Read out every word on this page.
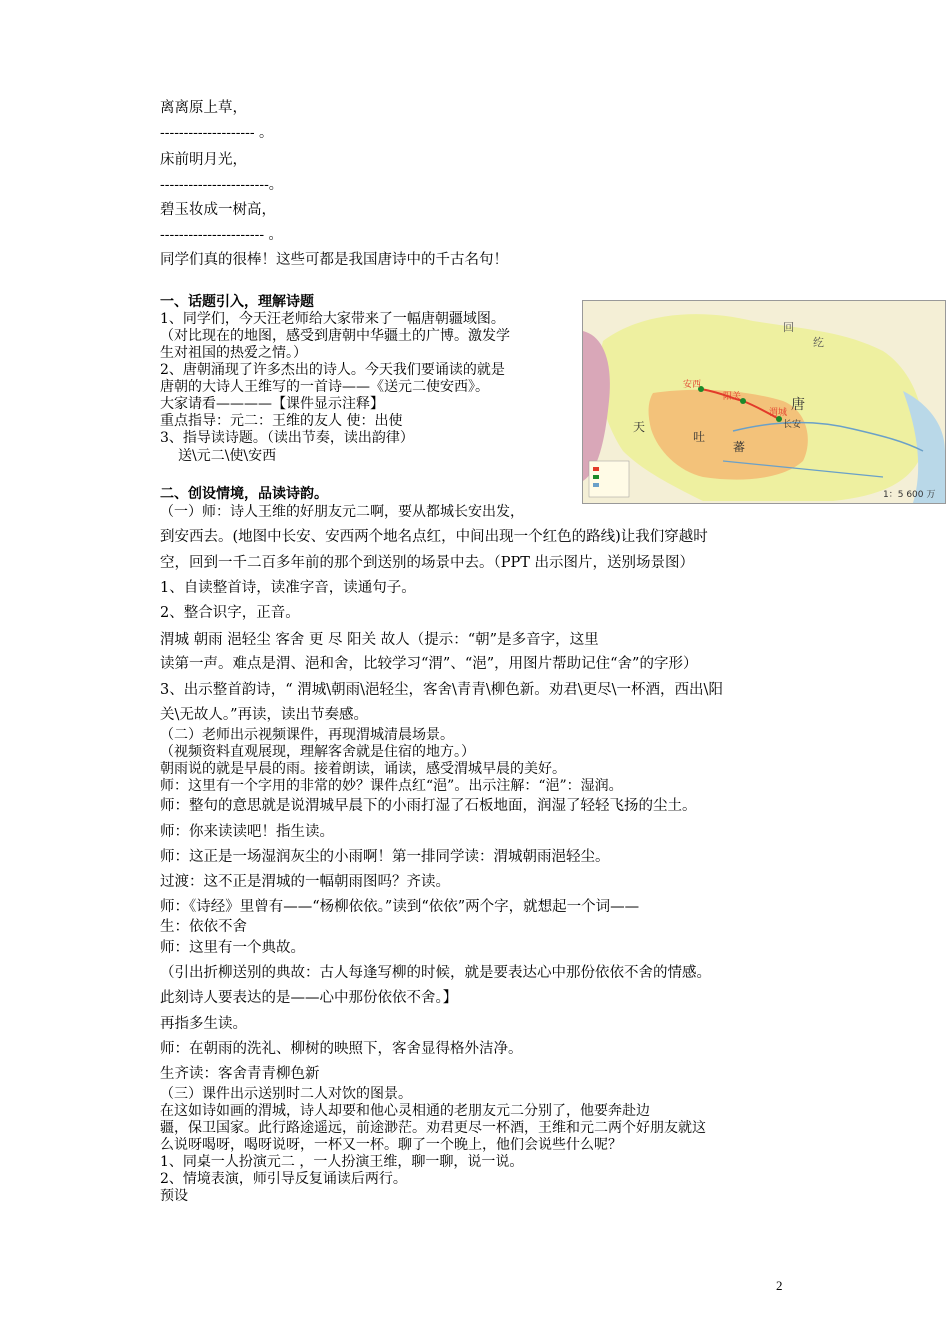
离离原上草，
-------------------- 。
床前明月光，
-----------------------。
碧玉妆成一树高，
---------------------- 。
同学们真的很棒！这些可都是我国唐诗中的千古名句！
一、话题引入，理解诗题
1、同学们，今天汪老师给大家带来了一幅唐朝疆域图。
（对比现在的地图，感受到唐朝中华疆土的广博。激发学
生对祖国的热爱之情。）
2、唐朝涌现了许多杰出的诗人。今天我们要诵读的就是
唐朝的大诗人王维写的一首诗——《送元二使安西》。
大家请看————【课件显示注释】
重点指导：元二：王维的友人 使：出使
3、指导读诗题。（读出节奏，读出韵律）
送\元二\使\安西
安西
阳关
渭城
长安
唐
吐
蕃
天
回
纥
1：5 600 万
二、创设情境，品读诗韵。
（一）师：诗人王维的好朋友元二啊，要从都城长安出发，
到安西去。(地图中长安、安西两个地名点红，中间出现一个红色的路线)让我们穿越时
空，回到一千二百多年前的那个到送别的场景中去。（PPT 出示图片，送别场景图）
1、自读整首诗，读准字音，读通句子。
2、整合识字，正音。
渭城 朝雨 浥轻尘 客舍 更 尽 阳关 故人（提示：“朝”是多音字，这里
读第一声。难点是渭、浥和舍，比较学习“渭”、“浥”，用图片帮助记住“舍”的字形）
3、出示整首韵诗，“ 渭城\朝雨\浥轻尘，客舍\青青\柳色新。劝君\更尽\一杯酒，西出\阳
关\无故人。”再读，读出节奏感。
（二）老师出示视频课件，再现渭城清晨场景。
（视频资料直观展现，理解客舍就是住宿的地方。）
朝雨说的就是早晨的雨。接着朗读，诵读，感受渭城早晨的美好。
师：这里有一个字用的非常的妙？课件点红“浥”。出示注解：“浥”：湿润。
师：整句的意思就是说渭城早晨下的小雨打湿了石板地面，润湿了轻轻飞扬的尘土。
师：你来读读吧！指生读。
师：这正是一场湿润灰尘的小雨啊！第一排同学读：渭城朝雨浥轻尘。
过渡：这不正是渭城的一幅朝雨图吗？齐读。
师：《诗经》里曾有——“杨柳依依。”读到“依依”两个字，就想起一个词——
生：依依不舍
师：这里有一个典故。
（引出折柳送别的典故：古人每逢写柳的时候，就是要表达心中那份依依不舍的情感。
此刻诗人要表达的是——心中那份依依不舍。】
再指多生读。
师：在朝雨的洗礼、柳树的映照下，客舍显得格外洁净。
生齐读：客舍青青柳色新
（三）课件出示送别时二人对饮的图景。
在这如诗如画的渭城，诗人却要和他心灵相通的老朋友元二分别了，他要奔赴边
疆，保卫国家。此行路途遥远，前途渺茫。劝君更尽一杯酒，王维和元二两个好朋友就这
么说呀喝呀，喝呀说呀，一杯又一杯。聊了一个晚上，他们会说些什么呢？
1、同桌一人扮演元二 ，一人扮演王维，聊一聊，说一说。
2、情境表演，师引导反复诵读后两行。
预设
2
